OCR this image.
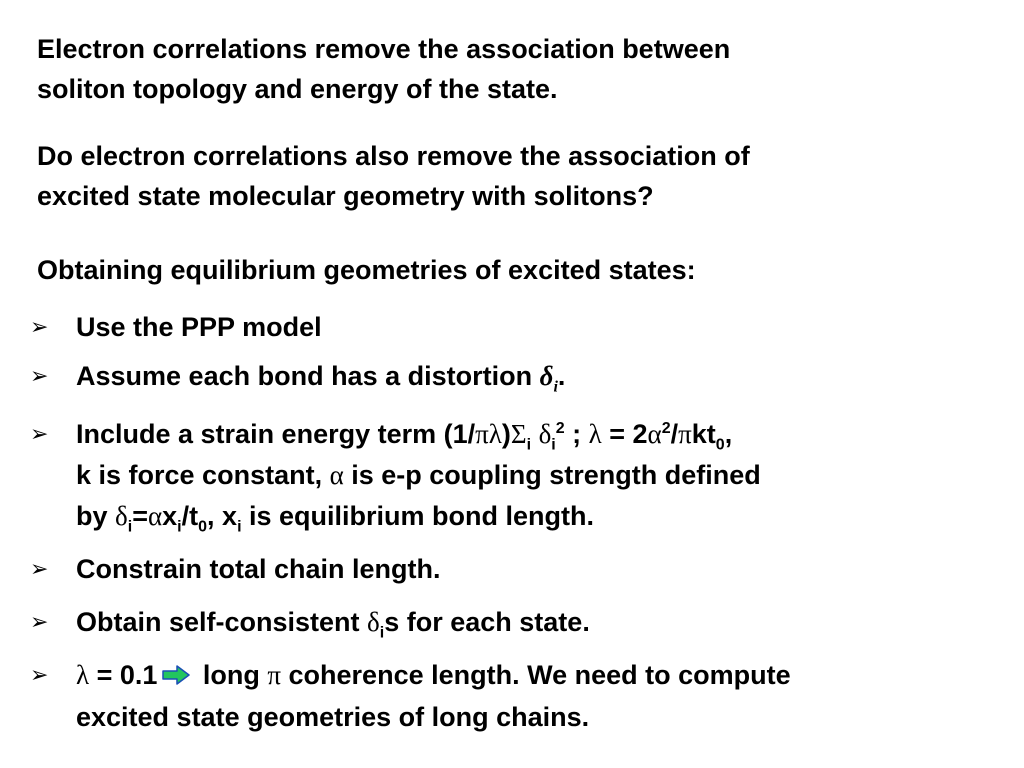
Electron correlations remove the association between
soliton topology and energy of the state.
Do electron correlations also remove the association of
excited state molecular geometry with solitons?
Obtaining equilibrium geometries of excited states:
➢	Use the PPP model
➢	Assume each bond has a distortion $\delta_i$.
➢	Include a strain energy term $(1/\pi\lambda)\Sigma_i$ $\delta_i^2$ ; $\lambda = 2\alpha^2/\pi kt_0$,
k is force constant, α is e-p coupling strength defined
by $\delta_i=\alpha x_i/t_0$, $x_i$ is equilibrium bond length.
➢	Constrain total chain length.
➢	Obtain self-consistent $\delta_is$ for each state.
➢	λ = 0.1 long π coherence length. We need to compute
excited state geometries of long chains.
